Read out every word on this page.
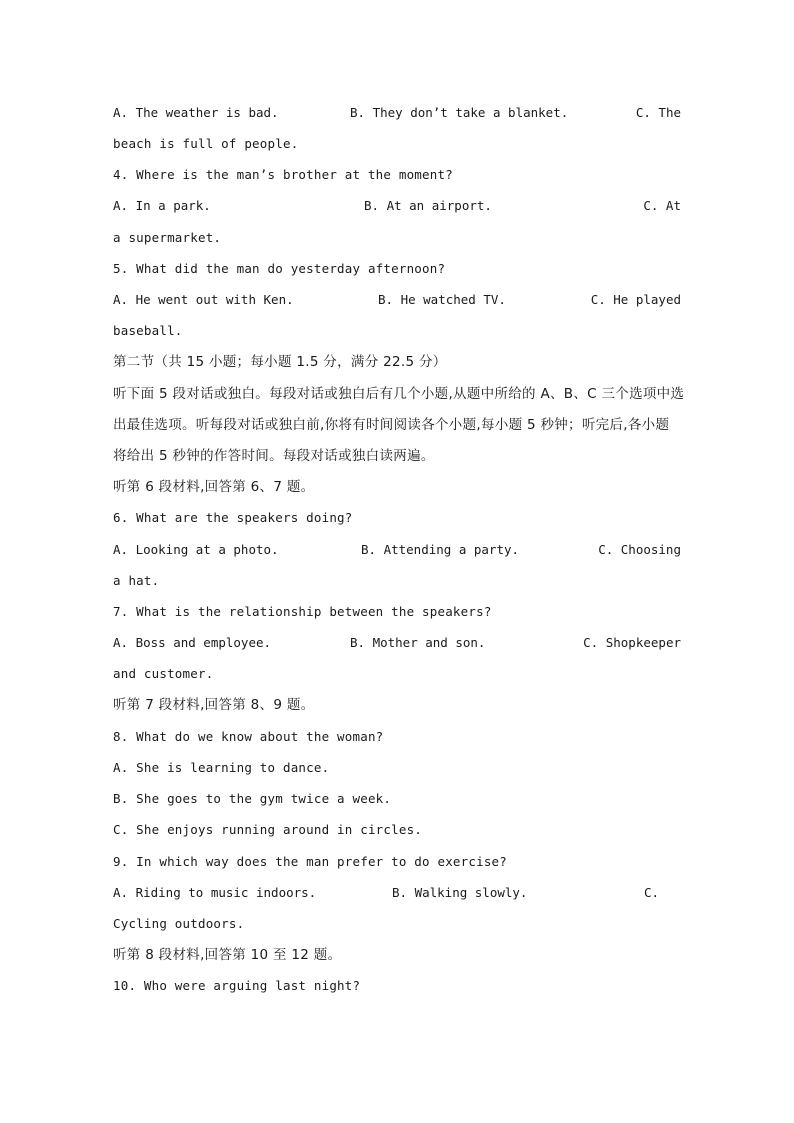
A. The weather is bad.

	B. They don’t take a blanket.

	C. The

beach is full of people.
4. Where is the man’s brother at the moment?

A. In a park.

	B. At an airport.

	C. At

a supermarket.
5. What did the man do yesterday afternoon?

A. He went out with Ken.

	B. He watched TV.

	C. He played

baseball.
第二节（共 15 小题；每小题 1.5 分，满分 22.5 分）
听下面 5 段对话或独白。每段对话或独白后有几个小题,从题中所给的 A、B、C 三个选项中选
出最佳选项。听每段对话或独白前,你将有时间阅读各个小题,每小题 5 秒钟；听完后,各小题
将给出 5 秒钟的作答时间。每段对话或独白读两遍。
听第 6 段材料,回答第 6、7 题。
6. What are the speakers doing?

A. Looking at a photo.

	B. Attending a party.

	C. Choosing

a hat.
7. What is the relationship between the speakers?

A. Boss and employee.

	B. Mother and son.

	C. Shopkeeper

and customer.
听第 7 段材料,回答第 8、9 题。
8. What do we know about the woman?
A. She is learning to dance.
B. She goes to the gym twice a week.
C. She enjoys running around in circles.
9. In which way does the man prefer to do exercise?

A. Riding to music indoors.

	B. Walking slowly.

	C.

Cycling outdoors.
听第 8 段材料,回答第 10 至 12 题。
10. Who were arguing last night?
